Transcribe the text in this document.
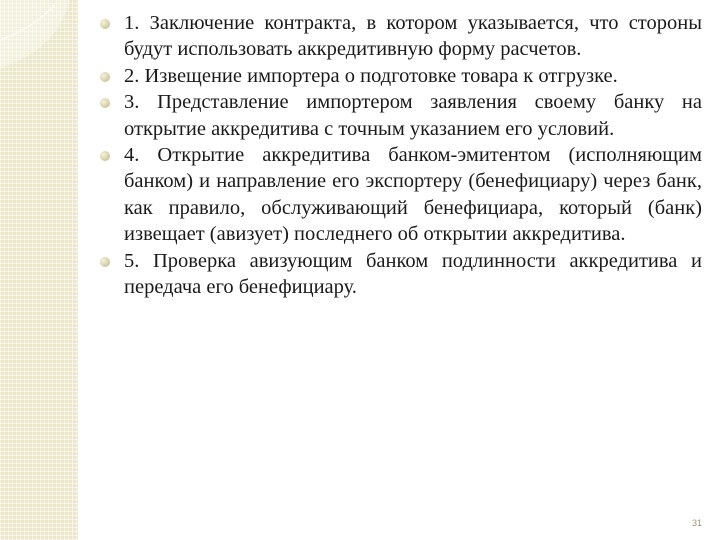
1. Заключение контракта, в котором указывается, что стороны будут использовать аккредитивную форму расчетов.
2. Извещение импортера о подготовке товара к отгрузке.
3. Представление импортером заявления своему банку на открытие аккредитива с точным указанием его условий.
4. Открытие аккредитива банком-эмитентом (исполняющим банком) и направление его экспортеру (бенефициару) через банк, как правило, обслуживающий бенефициара, который (банк) извещает (авизует) последнего об открытии аккредитива.
5. Проверка авизующим банком подлинности аккредитива и передача его бенефициару.
31
